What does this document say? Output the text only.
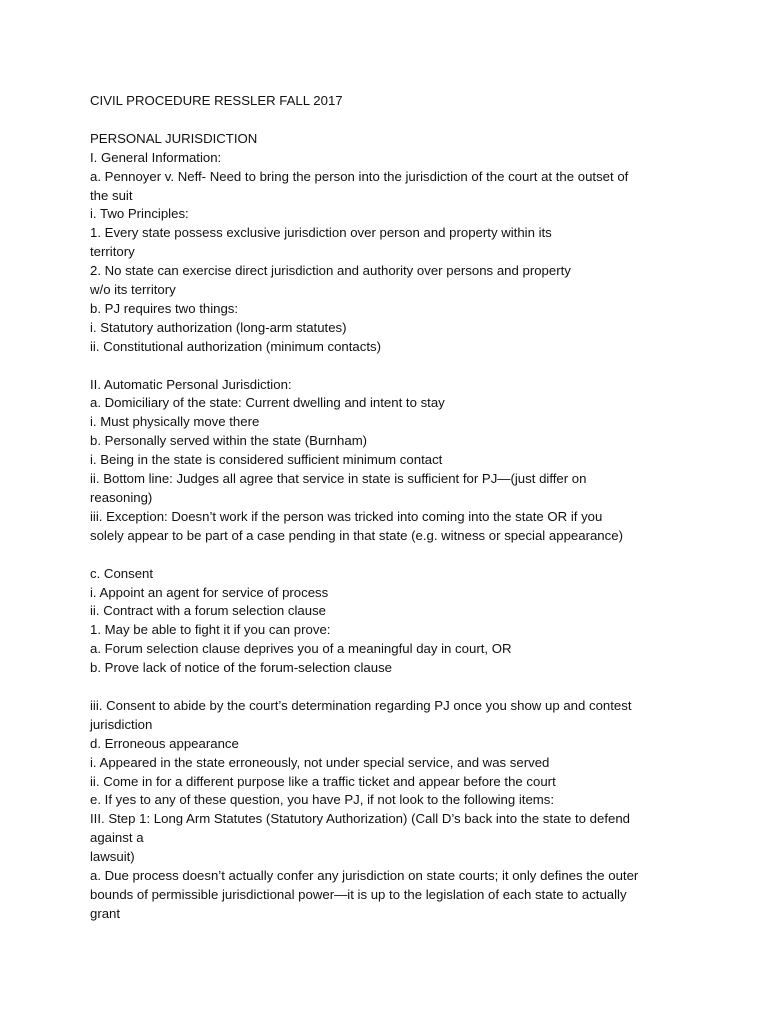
CIVIL PROCEDURE RESSLER FALL 2017
PERSONAL JURISDICTION
I. General Information:
a. Pennoyer v. Neff- Need to bring the person into the jurisdiction of the court at the outset of
the suit
i. Two Principles:
1. Every state possess exclusive jurisdiction over person and property within its
territory
2. No state can exercise direct jurisdiction and authority over persons and property
w/o its territory
b. PJ requires two things:
i. Statutory authorization (long-arm statutes)
ii. Constitutional authorization (minimum contacts)
II. Automatic Personal Jurisdiction:
a. Domiciliary of the state: Current dwelling and intent to stay
i. Must physically move there
b. Personally served within the state (Burnham)
i. Being in the state is considered sufficient minimum contact
ii. Bottom line: Judges all agree that service in state is sufficient for PJ—(just differ on
reasoning)
iii. Exception: Doesn’t work if the person was tricked into coming into the state OR if you
solely appear to be part of a case pending in that state (e.g. witness or special appearance)
c. Consent
i. Appoint an agent for service of process
ii. Contract with a forum selection clause
1. May be able to fight it if you can prove:
a. Forum selection clause deprives you of a meaningful day in court, OR
b. Prove lack of notice of the forum-selection clause
iii. Consent to abide by the court’s determination regarding PJ once you show up and contest
jurisdiction
d. Erroneous appearance
i. Appeared in the state erroneously, not under special service, and was served
ii. Come in for a different purpose like a traffic ticket and appear before the court
e. If yes to any of these question, you have PJ, if not look to the following items:
III. Step 1: Long Arm Statutes (Statutory Authorization) (Call D’s back into the state to defend
against a
lawsuit)
a. Due process doesn’t actually confer any jurisdiction on state courts; it only defines the outer
bounds of permissible jurisdictional power—it is up to the legislation of each state to actually
grant
